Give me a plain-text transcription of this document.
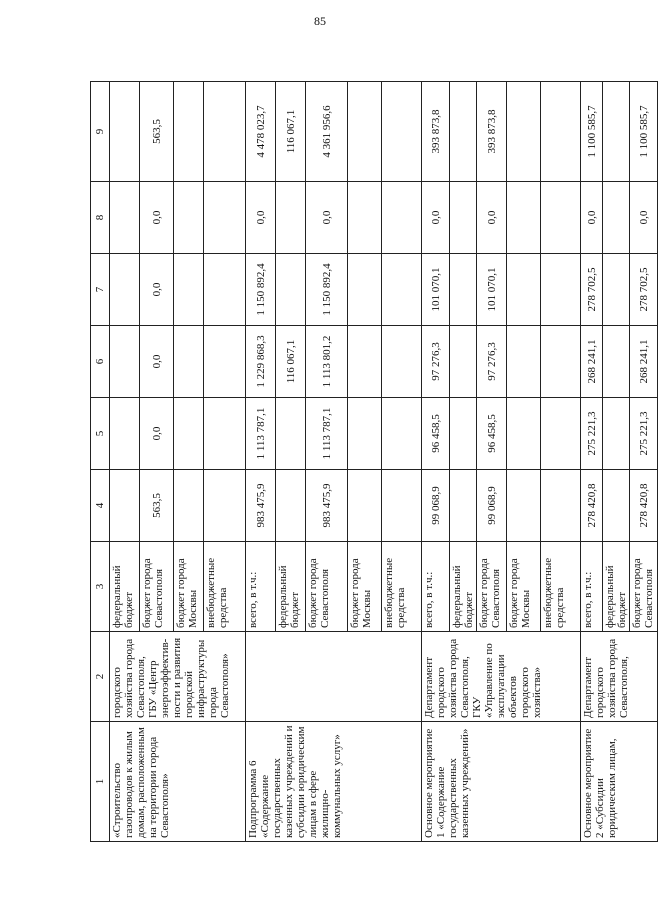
85
1	2	3	4	5	6	7	8	9
«Строительство газопроводов к жилым домам, расположенным на территории города Севастополя»	городского хозяйства города Севастополя, ГБУ «Центр энергоэффектив-ности и развития городской инфраструктуры города Севастополя»	федеральный бюджет						
		бюджет города Севастополя	563,5	0,0	0,0	0,0	0,0	563,5
		бюджет города Москвы						
		внебюджетные средства						
Подпрограмма 6 «Содержание государственных казенных учреждений и субсидии юридическим лицам в сфере жилищно-коммунальных услуг»		всего, в т.ч.:	983 475,9	1 113 787,1	1 229 868,3	1 150 892,4	0,0	4 478 023,7
		федеральный бюджет			116 067,1			116 067,1
		бюджет города Севастополя	983 475,9	1 113 787,1	1 113 801,2	1 150 892,4	0,0	4 361 956,6
		бюджет города Москвы						
		внебюджетные средства						
Основное мероприятие 1 «Содержание государственных казенных учреждений»	Департамент городского хозяйства города Севастополя, ГКУ «Управление по эксплуатации объектов городского хозяйства»	всего, в т.ч.:	99 068,9	96 458,5	97 276,3	101 070,1	0,0	393 873,8
		федеральный бюджет						
		бюджет города Севастополя	99 068,9	96 458,5	97 276,3	101 070,1	0,0	393 873,8
		бюджет города Москвы						
		внебюджетные средства						
Основное мероприятие 2 «Субсидии юридическим лицам,	Департамент городского хозяйства города Севастополя,	всего, в т.ч.:	278 420,8	275 221,3	268 241,1	278 702,5	0,0	1 100 585,7
		федеральный бюджет						
		бюджет города Севастополя	278 420,8	275 221,3	268 241,1	278 702,5	0,0	1 100 585,7
